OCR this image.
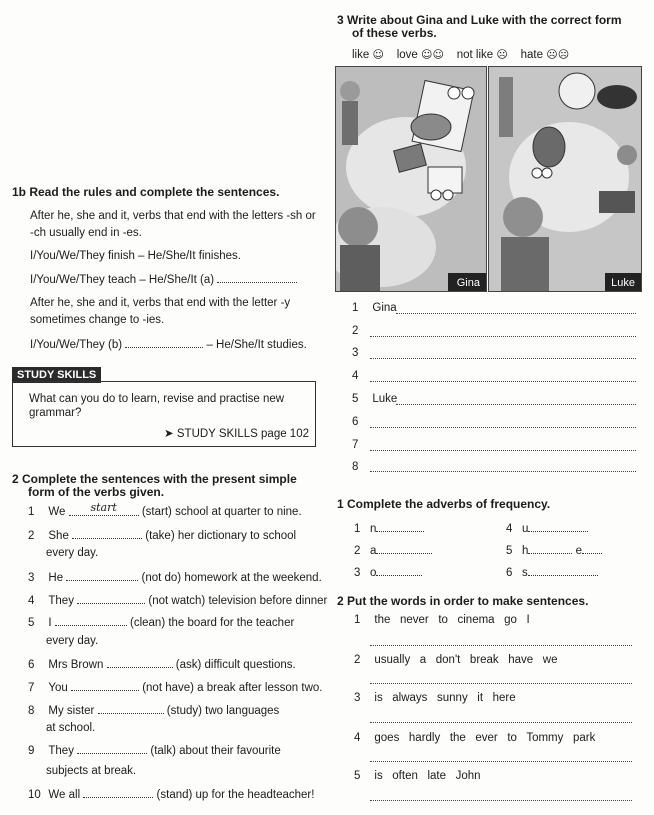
3 Write about Gina and Luke with the correct form
of these verbs.
like ☺ love ☺☺ not like ☹ hate ☹☹
Gina	Luke
1 Gina
2
3
4
5 Luke
6
7
8
1b Read the rules and complete the sentences.
After he, she and it, verbs that end with the letters -sh or
-ch usually end in -es.
I/You/We/They finish – He/She/It finishes.
I/You/We/They teach – He/She/It (a)
After he, she and it, verbs that end with the letter -y
sometimes change to -ies.
I/You/We/They (b)	– He/She/It studies.
STUDY SKILLS
What can you do to learn, revise and practise new
grammar?
➤ STUDY SKILLS page 102
2 Complete the sentences with the present simple
form of the verbs given.
1 We start (start) school at quarter to nine.
2 She	(take) her dictionary to school
every day.
3 He	(not do) homework at the weekend.
4 They	(not watch) television before dinner
5 I	(clean) the board for the teacher
every day.
6 Mrs Brown	(ask) difficult questions.
7 You	(not have) a break after lesson two.
8 My sister	(study) two languages
at school.
9 They	(talk) about their favourite
subjects at break.
10 We all	(stand) up for the headteacher!
1 Complete the adverbs of frequency.
1 n
2 a
3 o
4 u
5 h	e
6 s
2 Put the words in order to make sentences.
1 the   never   to   cinema   go   I
2 usually   a   don't   break   have   we
3 is   always   sunny   it   here
4 goes   hardly   the   ever   to   Tommy   park
5 is   often   late   John
